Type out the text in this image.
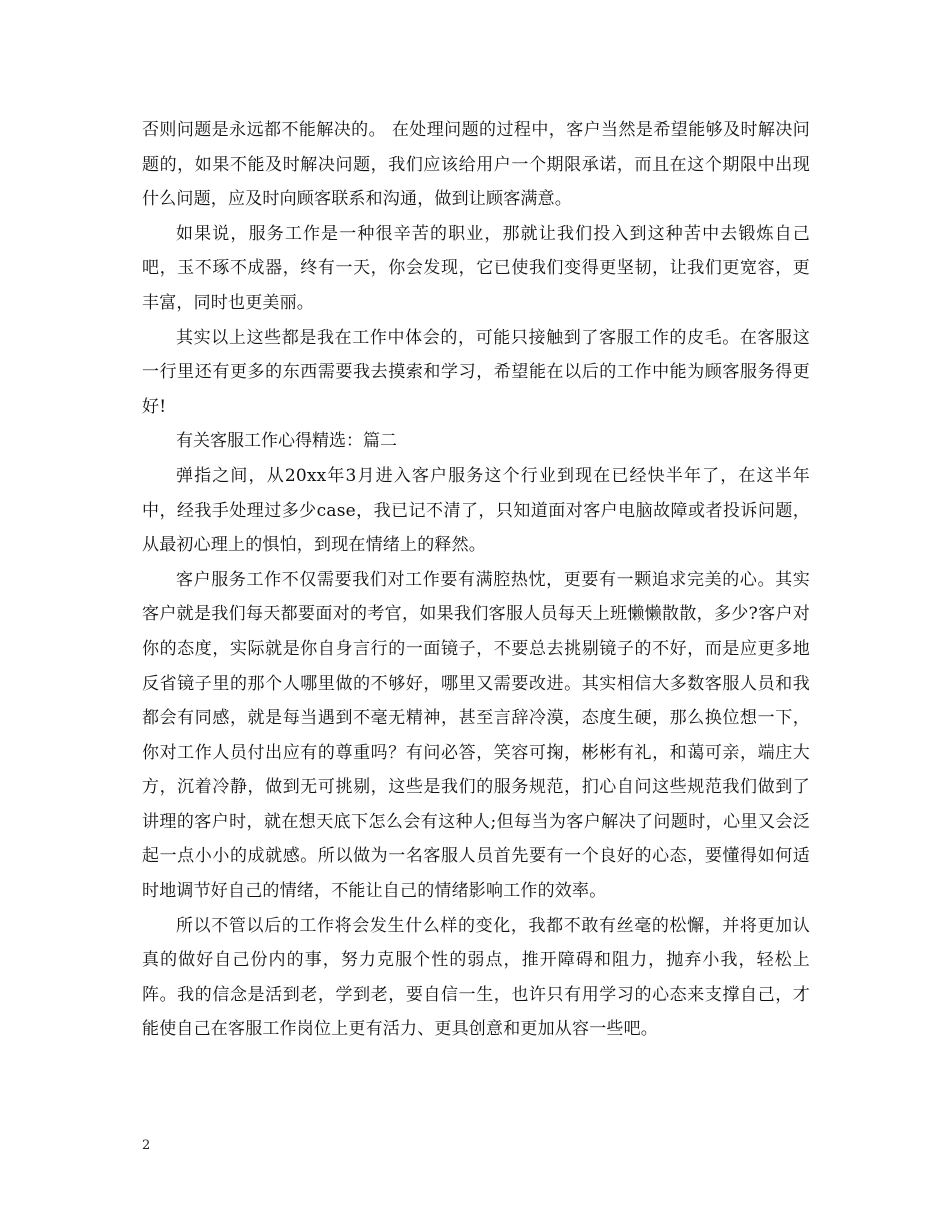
否则问题是永远都不能解决的。 在处理问题的过程中，客户当然是希望能够及时解决问题的，如果不能及时解决问题，我们应该给用户一个期限承诺，而且在这个期限中出现什么问题，应及时向顾客联系和沟通，做到让顾客满意。

如果说，服务工作是一种很辛苦的职业，那就让我们投入到这种苦中去锻炼自己吧，玉不琢不成器，终有一天，你会发现，它已使我们变得更坚韧，让我们更宽容，更丰富，同时也更美丽。

其实以上这些都是我在工作中体会的，可能只接触到了客服工作的皮毛。在客服这一行里还有更多的东西需要我去摸索和学习，希望能在以后的工作中能为顾客服务得更好!

有关客服工作心得精选：篇二

弹指之间，从20xx年3月进入客户服务这个行业到现在已经快半年了，在这半年中，经我手处理过多少case，我已记不清了，只知道面对客户电脑故障或者投诉问题，从最初心理上的惧怕，到现在情绪上的释然。

客户服务工作不仅需要我们对工作要有满腔热忱，更要有一颗追求完美的心。其实客户就是我们每天都要面对的考官，如果我们客服人员每天上班懒懒散散，多少?客户对你的态度，实际就是你自身言行的一面镜子，不要总去挑剔镜子的不好，而是应更多地反省镜子里的那个人哪里做的不够好，哪里又需要改进。其实相信大多数客服人员和我都会有同感，就是每当遇到不毫无精神，甚至言辞冷漠，态度生硬，那么换位想一下，你对工作人员付出应有的尊重吗？有问必答，笑容可掬，彬彬有礼，和蔼可亲，端庄大方，沉着冷静，做到无可挑剔，这些是我们的服务规范，扪心自问这些规范我们做到了讲理的客户时，就在想天底下怎么会有这种人;但每当为客户解决了问题时，心里又会泛起一点小小的成就感。所以做为一名客服人员首先要有一个良好的心态，要懂得如何适时地调节好自己的情绪，不能让自己的情绪影响工作的效率。

所以不管以后的工作将会发生什么样的变化，我都不敢有丝毫的松懈，并将更加认真的做好自己份内的事，努力克服个性的弱点，推开障碍和阻力，抛弃小我，轻松上阵。我的信念是活到老，学到老，要自信一生，也许只有用学习的心态来支撑自己，才能使自己在客服工作岗位上更有活力、更具创意和更加从容一些吧。

2
